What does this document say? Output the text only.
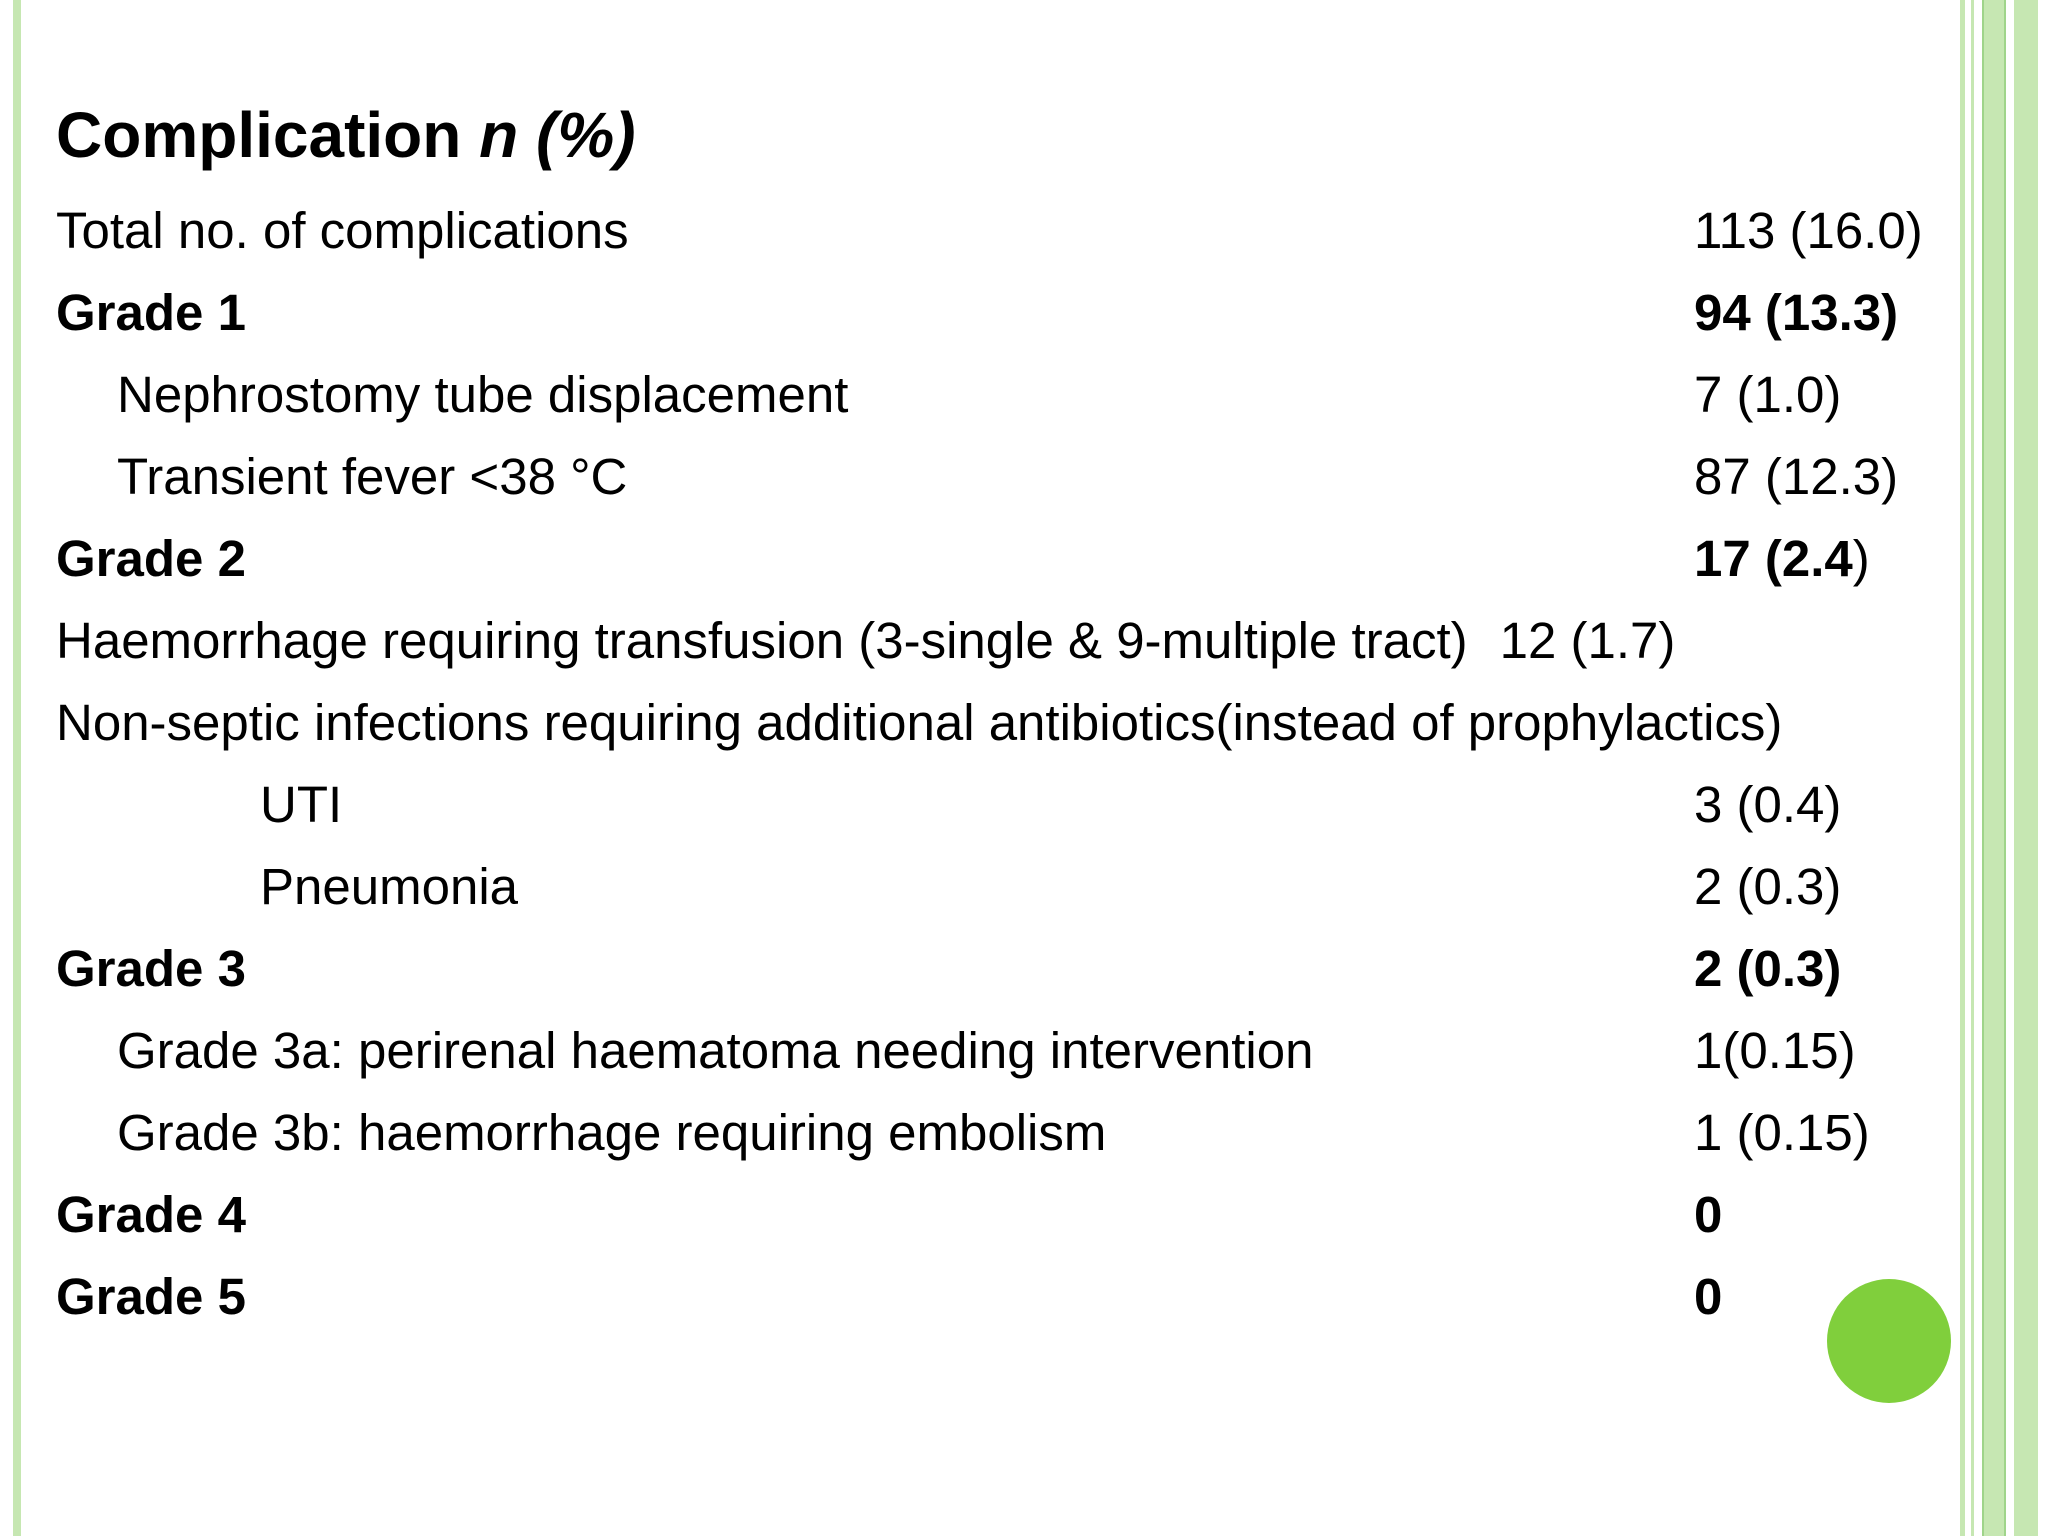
Complication n (%)
Total no. of complications	113 (16.0)
Grade 1	94 (13.3)
Nephrostomy tube displacement	7 (1.0)
Transient fever <38 °C	87 (12.3)
Grade 2	17 (2.4)
Haemorrhage requiring transfusion (3-single & 9-multiple tract) 12 (1.7)
Non-septic infections requiring additional antibiotics(instead of prophylactics)
UTI	3 (0.4)
Pneumonia	2 (0.3)
Grade 3	2 (0.3)
Grade 3a: perirenal haematoma needing intervention	1(0.15)
Grade 3b: haemorrhage requiring embolism	1 (0.15)
Grade 4	0
Grade 5	0
